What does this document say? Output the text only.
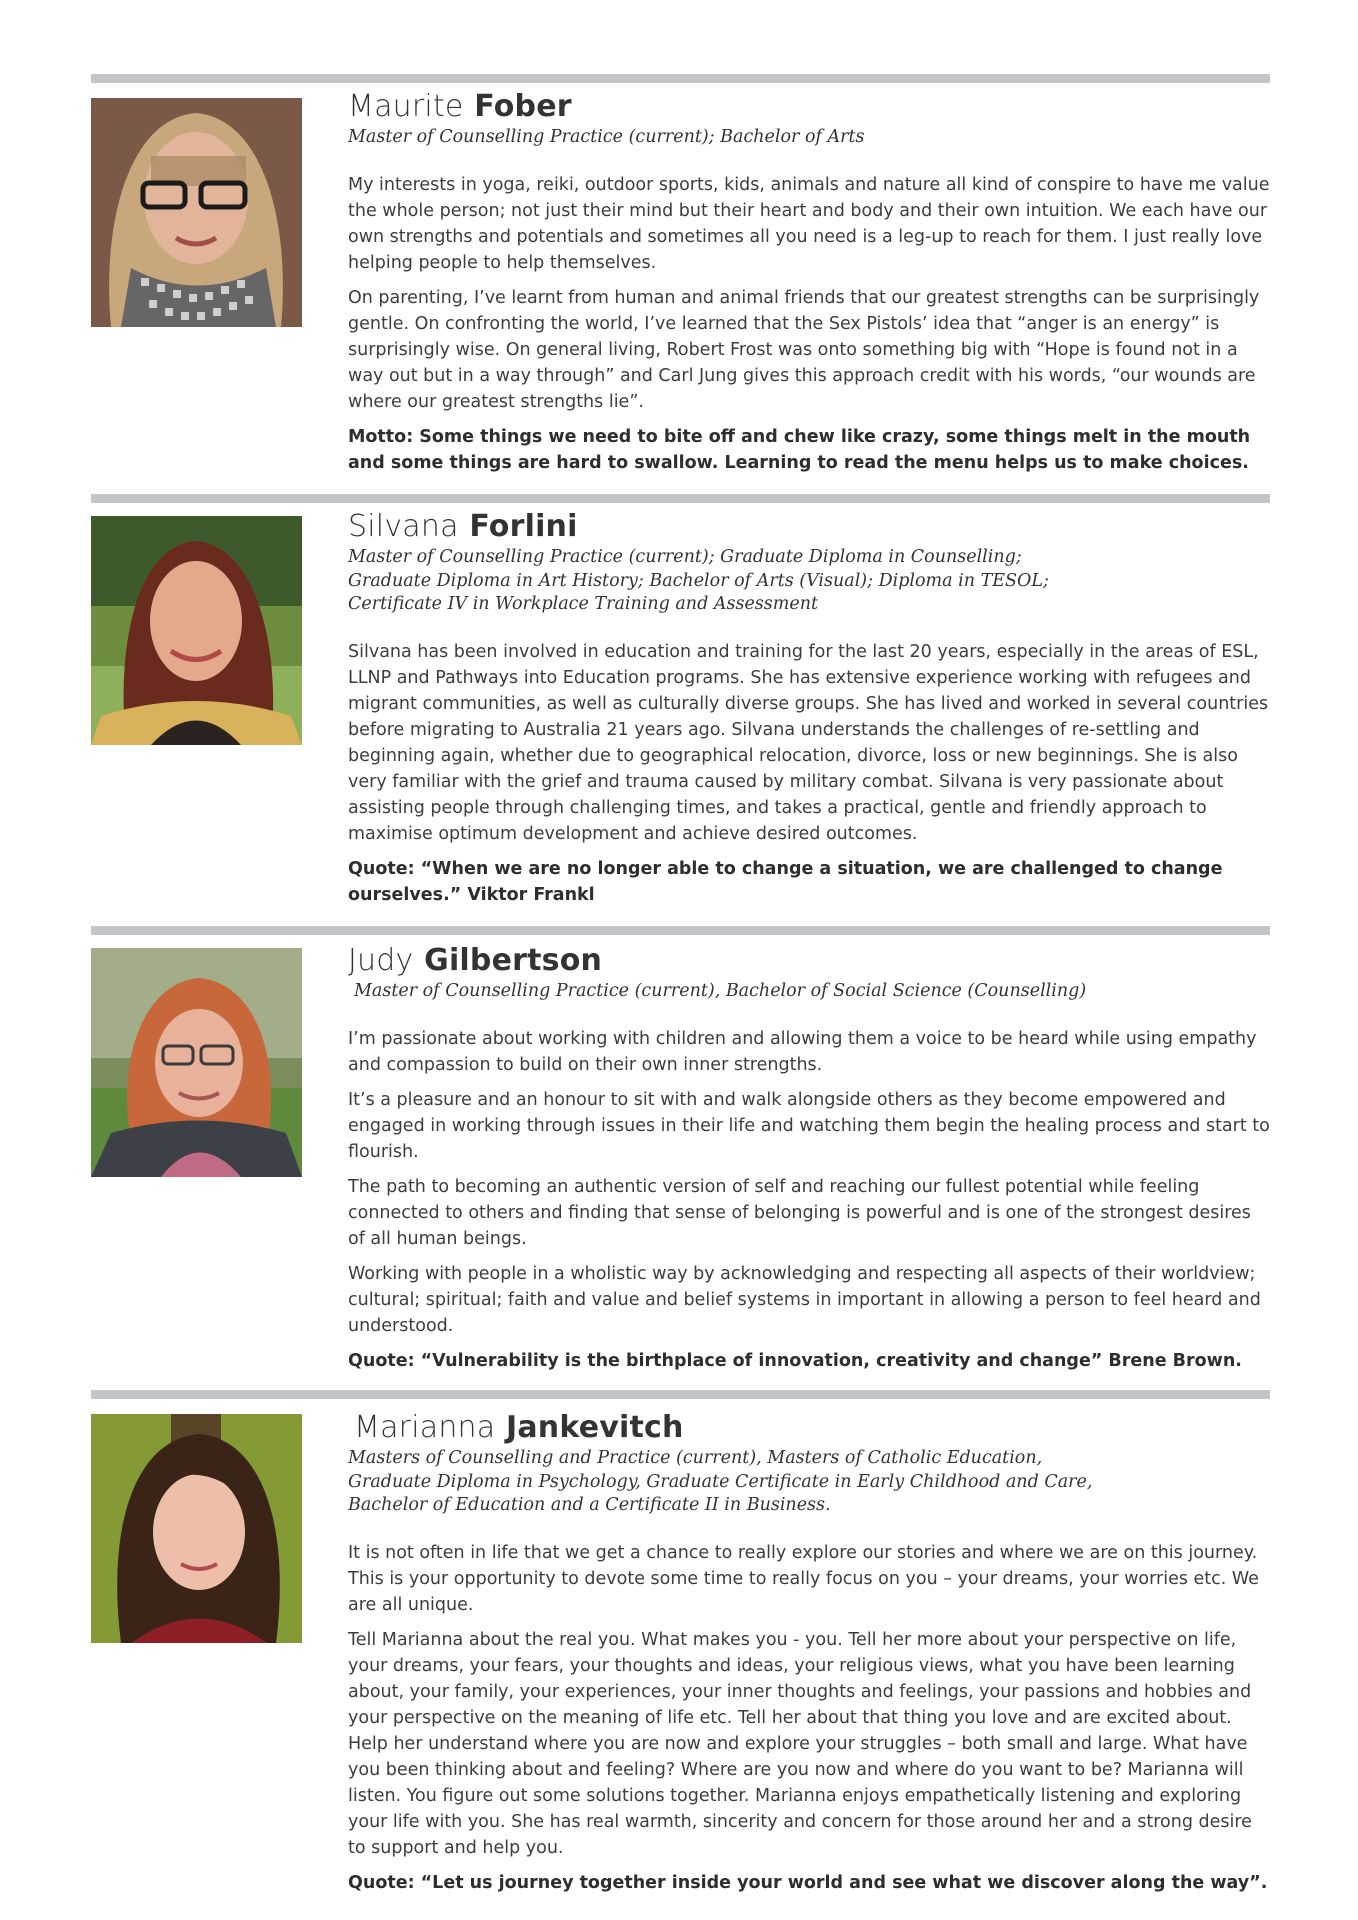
Maurite Fober
Master of Counselling Practice (current); Bachelor of Arts

My interests in yoga, reiki, outdoor sports, kids, animals and nature all kind of conspire to have me value the whole person; not just their mind but their heart and body and their own intuition. We each have our own strengths and potentials and sometimes all you need is a leg-up to reach for them. I just really love helping people to help themselves.

On parenting, I’ve learnt from human and animal friends that our greatest strengths can be surprisingly gentle. On confronting the world, I’ve learned that the Sex Pistols’ idea that “anger is an energy” is surprisingly wise. On general living, Robert Frost was onto something big with “Hope is found not in a way out but in a way through” and Carl Jung gives this approach credit with his words, “our wounds are where our greatest strengths lie”.

Motto: Some things we need to bite off and chew like crazy, some things melt in the mouth and some things are hard to swallow. Learning to read the menu helps us to make choices.

Silvana Forlini
Master of Counselling Practice (current); Graduate Diploma in Counselling;
Graduate Diploma in Art History; Bachelor of Arts (Visual); Diploma in TESOL;
Certificate IV in Workplace Training and Assessment

Silvana has been involved in education and training for the last 20 years, especially in the areas of ESL, LLNP and Pathways into Education programs. She has extensive experience working with refugees and migrant communities, as well as culturally diverse groups. She has lived and worked in several countries before migrating to Australia 21 years ago. Silvana understands the challenges of re-settling and beginning again, whether due to geographical relocation, divorce, loss or new beginnings. She is also very familiar with the grief and trauma caused by military combat. Silvana is very passionate about assisting people through challenging times, and takes a practical, gentle and friendly approach to maximise optimum development and achieve desired outcomes.

Quote: “When we are no longer able to change a situation, we are challenged to change ourselves.” Viktor Frankl

Judy Gilbertson
Master of Counselling Practice (current), Bachelor of Social Science (Counselling)

I’m passionate about working with children and allowing them a voice to be heard while using empathy and compassion to build on their own inner strengths.

It’s a pleasure and an honour to sit with and walk alongside others as they become empowered and engaged in working through issues in their life and watching them begin the healing process and start to flourish.

The path to becoming an authentic version of self and reaching our fullest potential while feeling connected to others and finding that sense of belonging is powerful and is one of the strongest desires of all human beings.

Working with people in a wholistic way by acknowledging and respecting all aspects of their worldview; cultural; spiritual; faith and value and belief systems in important in allowing a person to feel heard and understood.

Quote: “Vulnerability is the birthplace of innovation, creativity and change” Brene Brown.

Marianna Jankevitch
Masters of Counselling and Practice (current), Masters of Catholic Education,
Graduate Diploma in Psychology, Graduate Certificate in Early Childhood and Care,
Bachelor of Education and a Certificate II in Business.

It is not often in life that we get a chance to really explore our stories and where we are on this journey. This is your opportunity to devote some time to really focus on you – your dreams, your worries etc. We are all unique.

Tell Marianna about the real you. What makes you - you. Tell her more about your perspective on life, your dreams, your fears, your thoughts and ideas, your religious views, what you have been learning about, your family, your experiences, your inner thoughts and feelings, your passions and hobbies and your perspective on the meaning of life etc. Tell her about that thing you love and are excited about. Help her understand where you are now and explore your struggles – both small and large. What have you been thinking about and feeling? Where are you now and where do you want to be? Marianna will listen. You figure out some solutions together. Marianna enjoys empathetically listening and exploring your life with you. She has real warmth, sincerity and concern for those around her and a strong desire to support and help you.

Quote: “Let us journey together inside your world and see what we discover along the way”.
